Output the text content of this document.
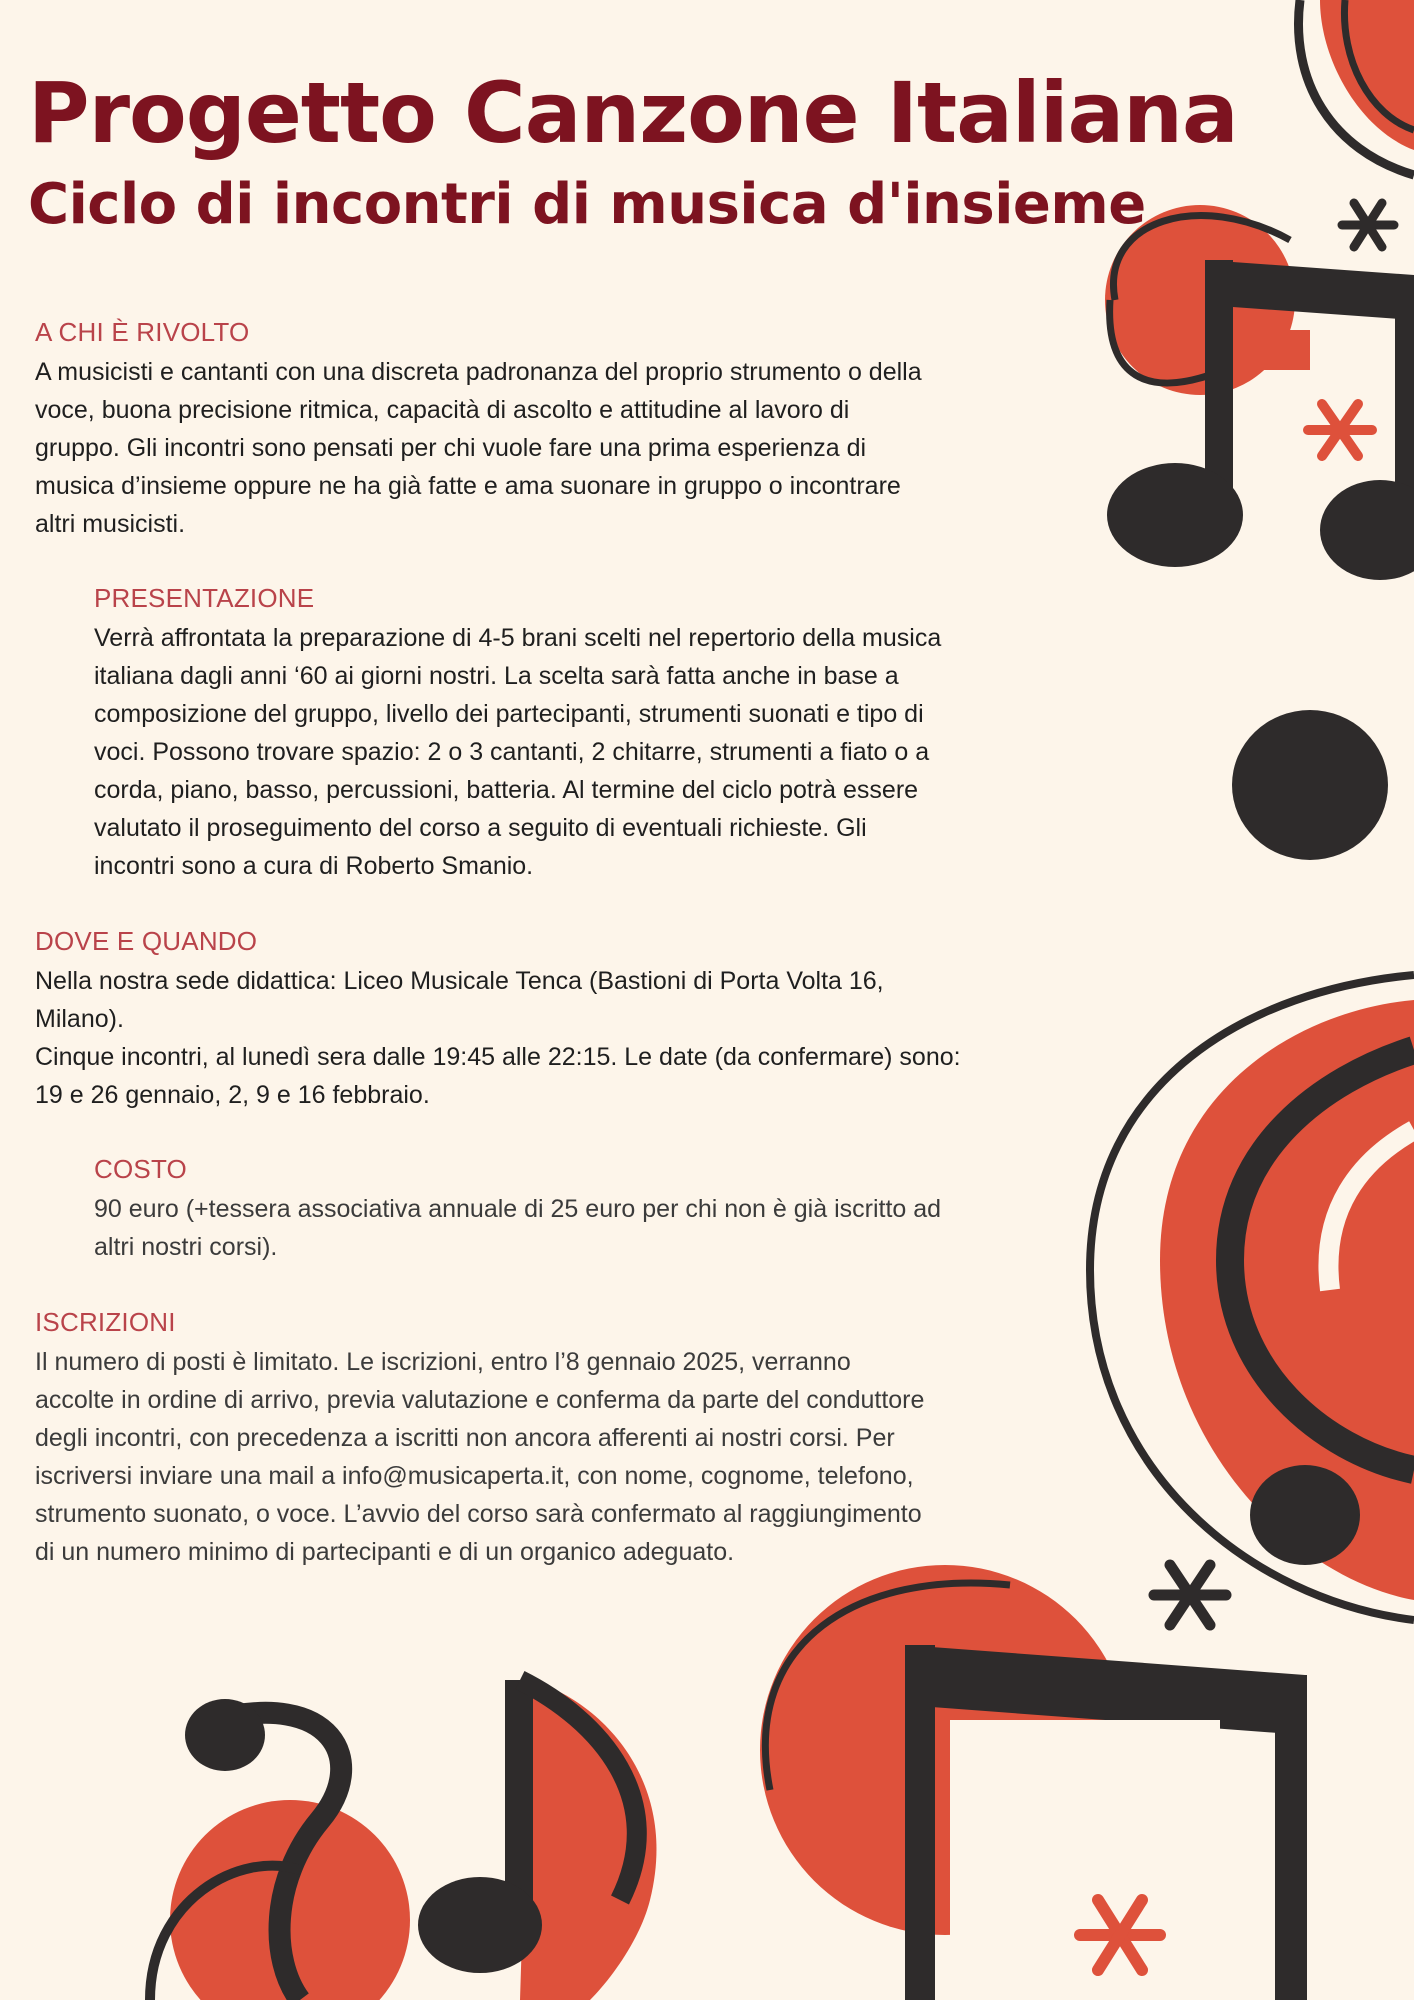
Progetto Canzone Italiana
Ciclo di incontri di musica d'insieme

A CHI È RIVOLTO

A musicisti e cantanti con una discreta padronanza del proprio strumento o della
voce, buona precisione ritmica, capacità di ascolto e attitudine al lavoro di
gruppo. Gli incontri sono pensati per chi vuole fare una prima esperienza di
musica d’insieme oppure ne ha già fatte e ama suonare in gruppo o incontrare
altri musicisti.

PRESENTAZIONE

Verrà affrontata la preparazione di 4-5 brani scelti nel repertorio della musica
italiana dagli anni ‘60 ai giorni nostri. La scelta sarà fatta anche in base a
composizione del gruppo, livello dei partecipanti, strumenti suonati e tipo di
voci. Possono trovare spazio: 2 o 3 cantanti, 2 chitarre, strumenti a fiato o a
corda, piano, basso, percussioni, batteria. Al termine del ciclo potrà essere
valutato il proseguimento del corso a seguito di eventuali richieste. Gli
incontri sono a cura di Roberto Smanio.

DOVE E QUANDO

Nella nostra sede didattica: Liceo Musicale Tenca (Bastioni di Porta Volta 16,
Milano).
Cinque incontri, al lunedì sera dalle 19:45 alle 22:15. Le date (da confermare) sono:
19 e 26 gennaio, 2, 9 e 16 febbraio.

COSTO

90 euro (+tessera associativa annuale di 25 euro per chi non è già iscritto ad
altri nostri corsi).

ISCRIZIONI

Il numero di posti è limitato. Le iscrizioni, entro l’8 gennaio 2025, verranno
accolte in ordine di arrivo, previa valutazione e conferma da parte del conduttore
degli incontri, con precedenza a iscritti non ancora afferenti ai nostri corsi. Per
iscriversi inviare una mail a info@musicaperta.it, con nome, cognome, telefono,
strumento suonato, o voce. L’avvio del corso sarà confermato al raggiungimento
di un numero minimo di partecipanti e di un organico adeguato.
